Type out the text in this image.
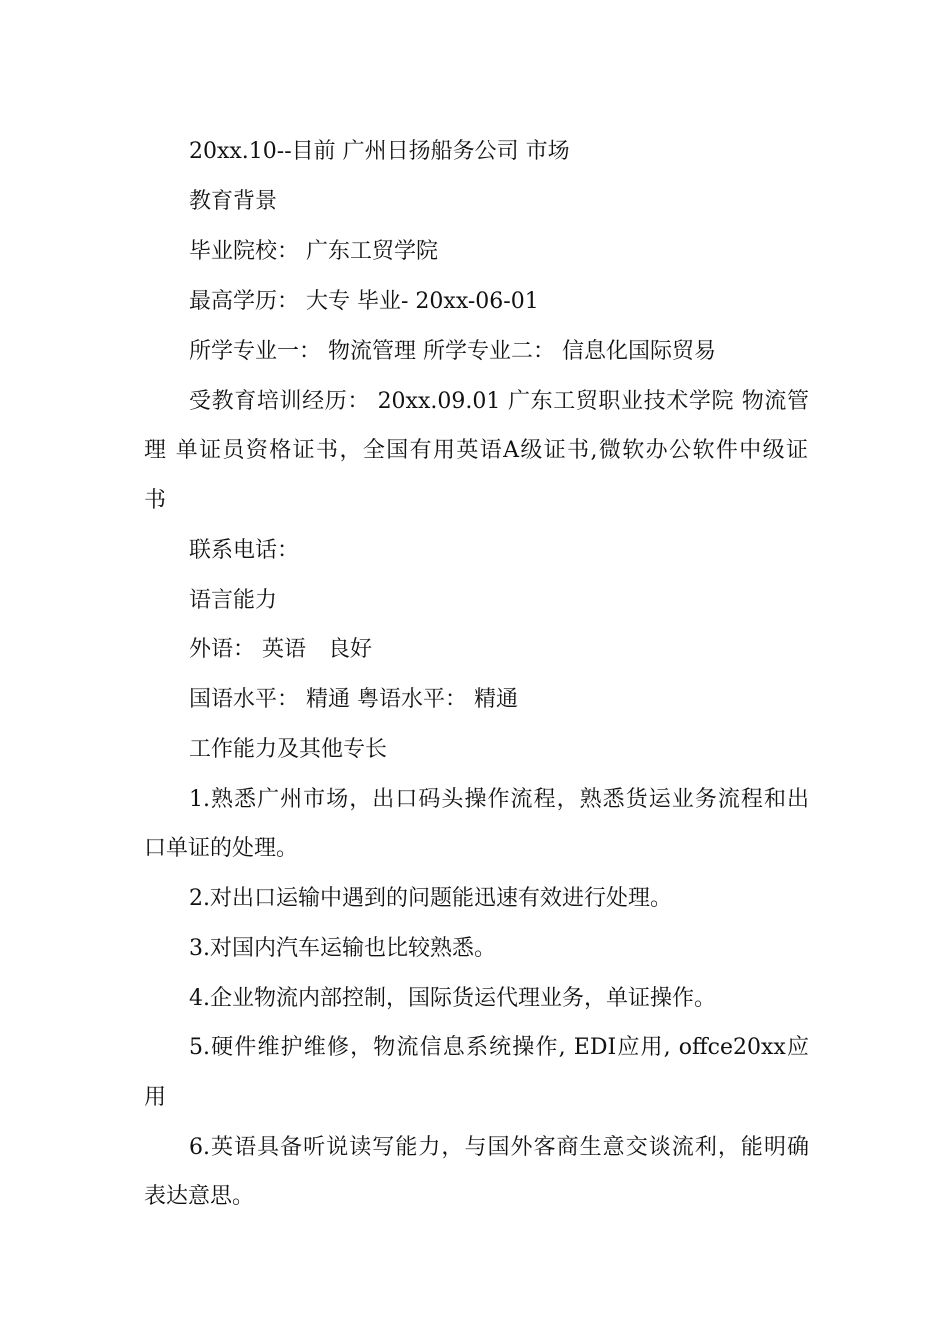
20xx.10--目前 广州日扬船务公司 市场
教育背景
毕业院校： 广东工贸学院
最高学历： 大专 毕业- 20xx-06-01
所学专业一： 物流管理 所学专业二： 信息化国际贸易
受教育培训经历： 20xx.09.01 广东工贸职业技术学院 物流管
理 单证员资格证书，全国有用英语A级证书,微软办公软件中级证
书
联系电话：
语言能力
外语： 英语　良好
国语水平： 精通 粤语水平： 精通
工作能力及其他专长
1.熟悉广州市场，出口码头操作流程，熟悉货运业务流程和出
口单证的处理。
2.对出口运输中遇到的问题能迅速有效进行处理。
3.对国内汽车运输也比较熟悉。
4.企业物流内部控制，国际货运代理业务，单证操作。
5.硬件维护维修，物流信息系统操作, EDI应用, offce20xx应
用
6.英语具备听说读写能力，与国外客商生意交谈流利，能明确
表达意思。
